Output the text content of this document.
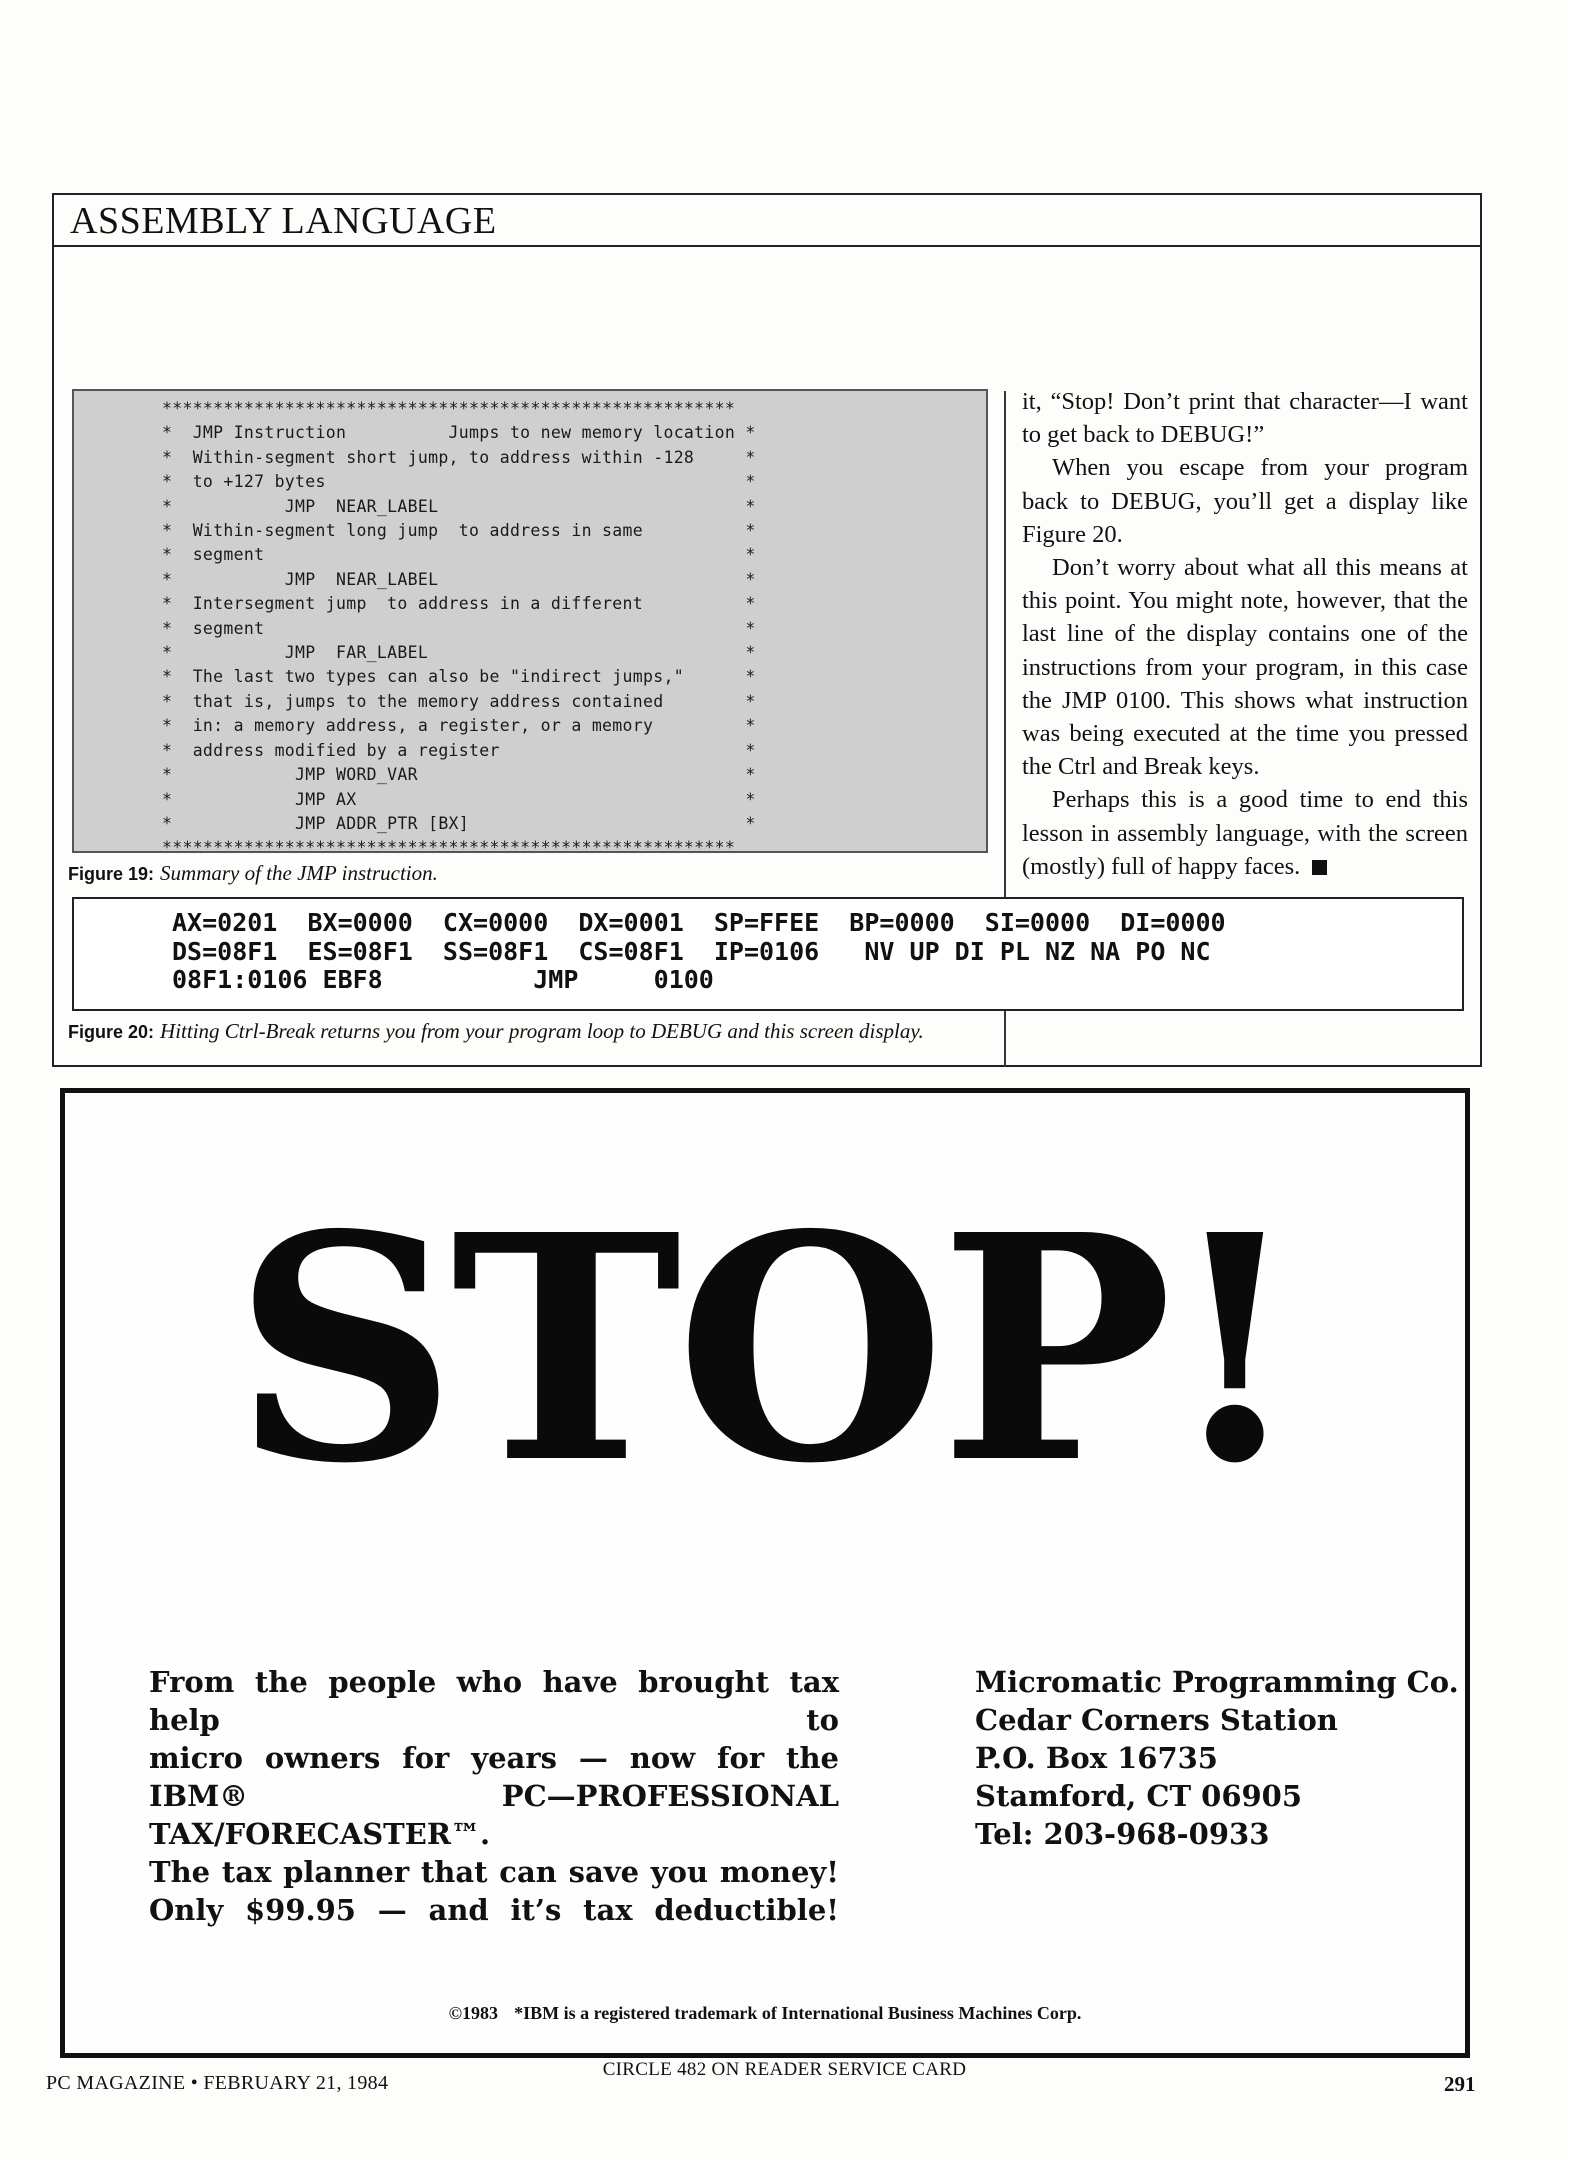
ASSEMBLY LANGUAGE
********************************************************
*  JMP Instruction          Jumps to new memory location *
*  Within-segment short jump, to address within -128     *
*  to +127 bytes                                         *
*           JMP  NEAR_LABEL                              *
*  Within-segment long jump  to address in same          *
*  segment                                               *
*           JMP  NEAR_LABEL                              *
*  Intersegment jump  to address in a different          *
*  segment                                               *
*           JMP  FAR_LABEL                               *
*  The last two types can also be "indirect jumps,"      *
*  that is, jumps to the memory address contained        *
*  in: a memory address, a register, or a memory         *
*  address modified by a register                        *
*            JMP WORD_VAR                                *
*            JMP AX                                      *
*            JMP ADDR_PTR [BX]                           *
********************************************************
Figure 19: Summary of the JMP instruction.

it, “Stop! Don’t print that character—I want to get back to DEBUG!”

When you escape from your program back to DEBUG, you’ll get a display like Figure 20.

Don’t worry about what all this means at this point. You might note, however, that the last line of the display contains one of the instructions from your program, in this case the JMP 0100. This shows what instruction was being executed at the time you pressed the Ctrl and Break keys.

Perhaps this is a good time to end this lesson in assembly language, with the screen (mostly) full of happy faces.

AX=0201  BX=0000  CX=0000  DX=0001  SP=FFEE  BP=0000  SI=0000  DI=0000
DS=08F1  ES=08F1  SS=08F1  CS=08F1  IP=0106   NV UP DI PL NZ NA PO NC
08F1:0106 EBF8          JMP     0100
Figure 20: Hitting Ctrl-Break returns you from your program loop to DEBUG and this screen display.
STOP!
From the people who have brought tax help to
micro owners for years — now for the
IBM® PC—PROFESSIONAL TAX/FORECASTER™.
The tax planner that can save you money!
Only $99.95 — and it’s tax deductible!
Micromatic Programming Co.
Cedar Corners Station
P.O. Box 16735
Stamford, CT 06905
Tel: 203-968-0933
©1983 *IBM is a registered trademark of International Business Machines Corp.
PC MAGAZINE • FEBRUARY 21, 1984
CIRCLE 482 ON READER SERVICE CARD
291
